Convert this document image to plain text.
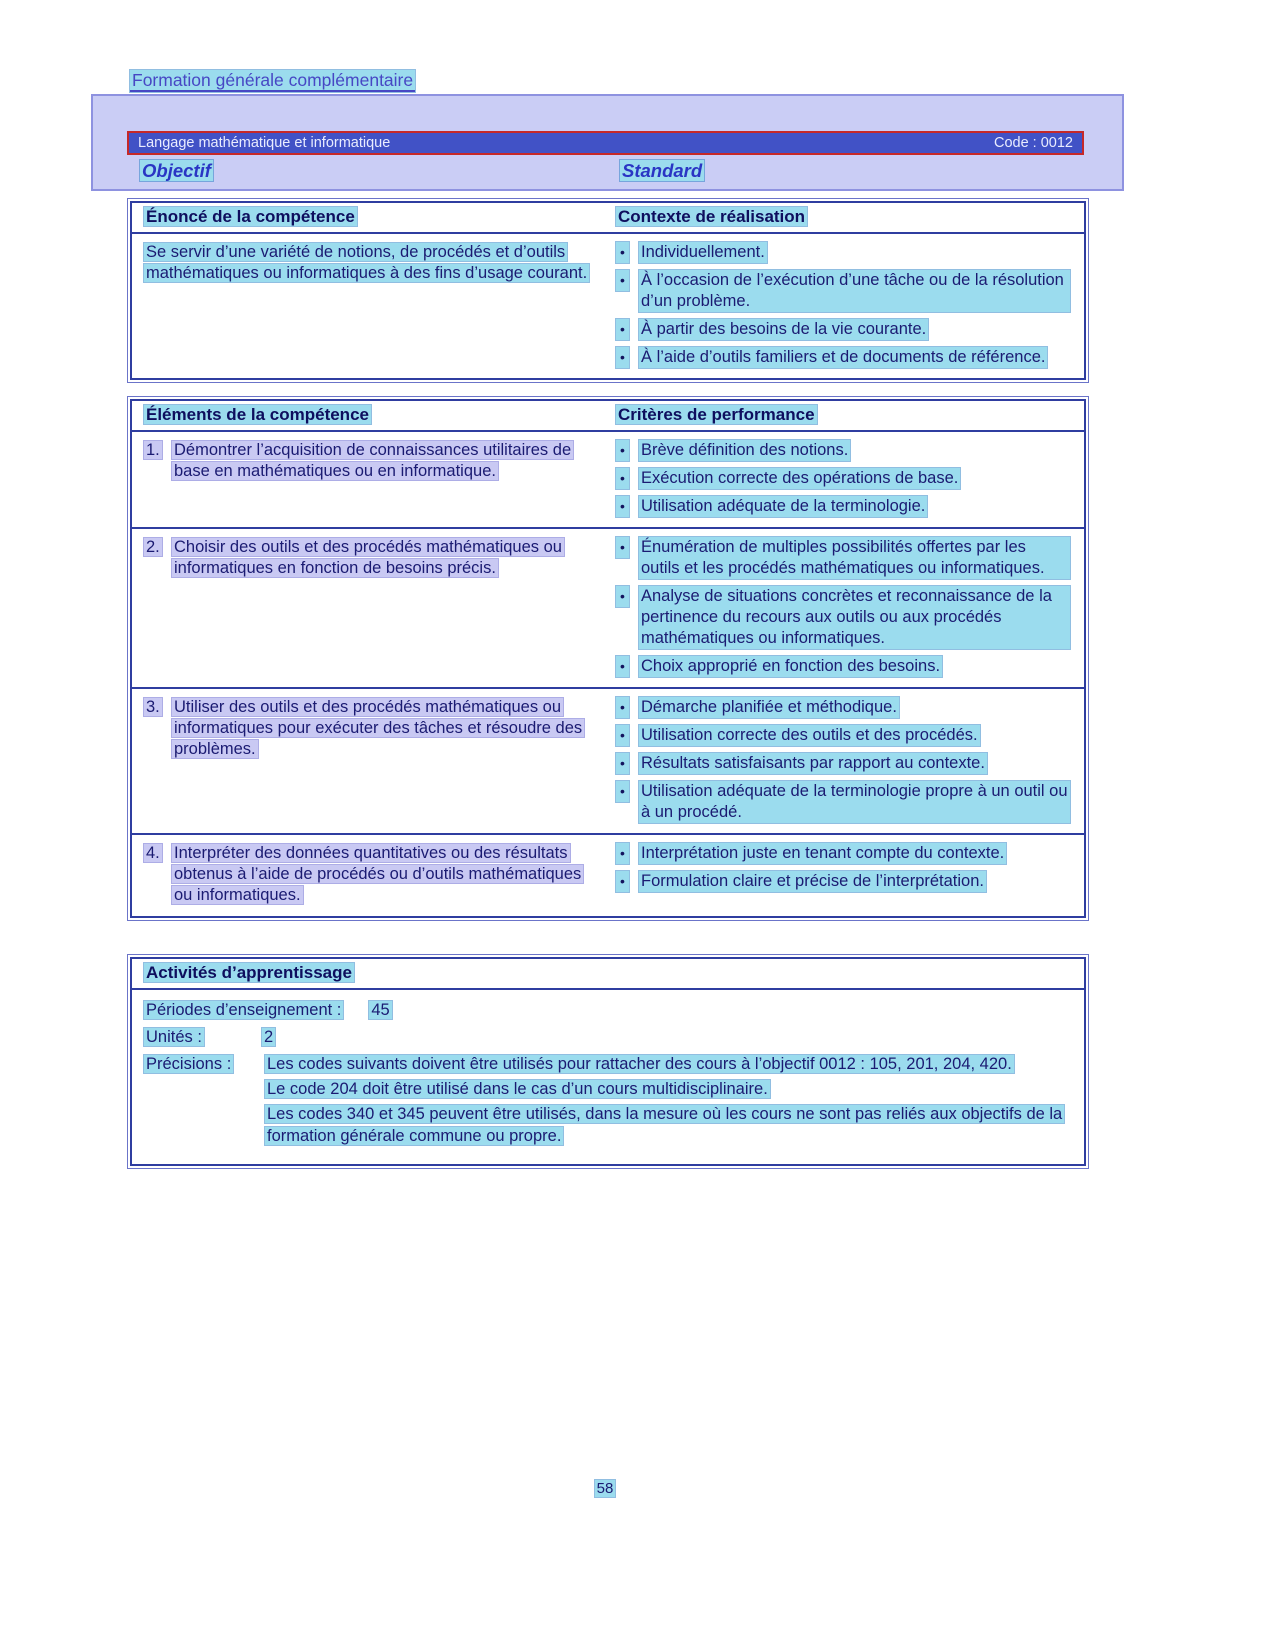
Formation générale complémentaire
Langage mathématique et informatique	Code : 0012
Objectif	Standard
Énoncé de la compétence	Contexte de réalisation
Se servir d’une variété de notions, de procédés et d’outils mathématiques ou informatiques à des fins d’usage courant.
• Individuellement.
• À l’occasion de l’exécution d’une tâche ou de la résolution d’un problème.
• À partir des besoins de la vie courante.
• À l’aide d’outils familiers et de documents de référence.
Éléments de la compétence	Critères de performance
1. Démontrer l’acquisition de connaissances utilitaires de base en mathématiques ou en informatique.
• Brève définition des notions.
• Exécution correcte des opérations de base.
• Utilisation adéquate de la terminologie.
2. Choisir des outils et des procédés mathématiques ou informatiques en fonction de besoins précis.
• Énumération de multiples possibilités offertes par les outils et les procédés mathématiques ou informatiques.
• Analyse de situations concrètes et reconnaissance de la pertinence du recours aux outils ou aux procédés mathématiques ou informatiques.
• Choix approprié en fonction des besoins.
3. Utiliser des outils et des procédés mathématiques ou informatiques pour exécuter des tâches et résoudre des problèmes.
• Démarche planifiée et méthodique.
• Utilisation correcte des outils et des procédés.
• Résultats satisfaisants par rapport au contexte.
• Utilisation adéquate de la terminologie propre à un outil ou à un procédé.
4. Interpréter des données quantitatives ou des résultats obtenus à l’aide de procédés ou d’outils mathématiques ou informatiques.
• Interprétation juste en tenant compte du contexte.
• Formulation claire et précise de l’interprétation.
Activités d’apprentissage
Périodes d’enseignement : 45
Unités :	2
Précisions :	Les codes suivants doivent être utilisés pour rattacher des cours à l’objectif 0012 : 105, 201, 204, 420.
Le code 204 doit être utilisé dans le cas d’un cours multidisciplinaire.
Les codes 340 et 345 peuvent être utilisés, dans la mesure où les cours ne sont pas reliés aux objectifs de la formation générale commune ou propre.
58
